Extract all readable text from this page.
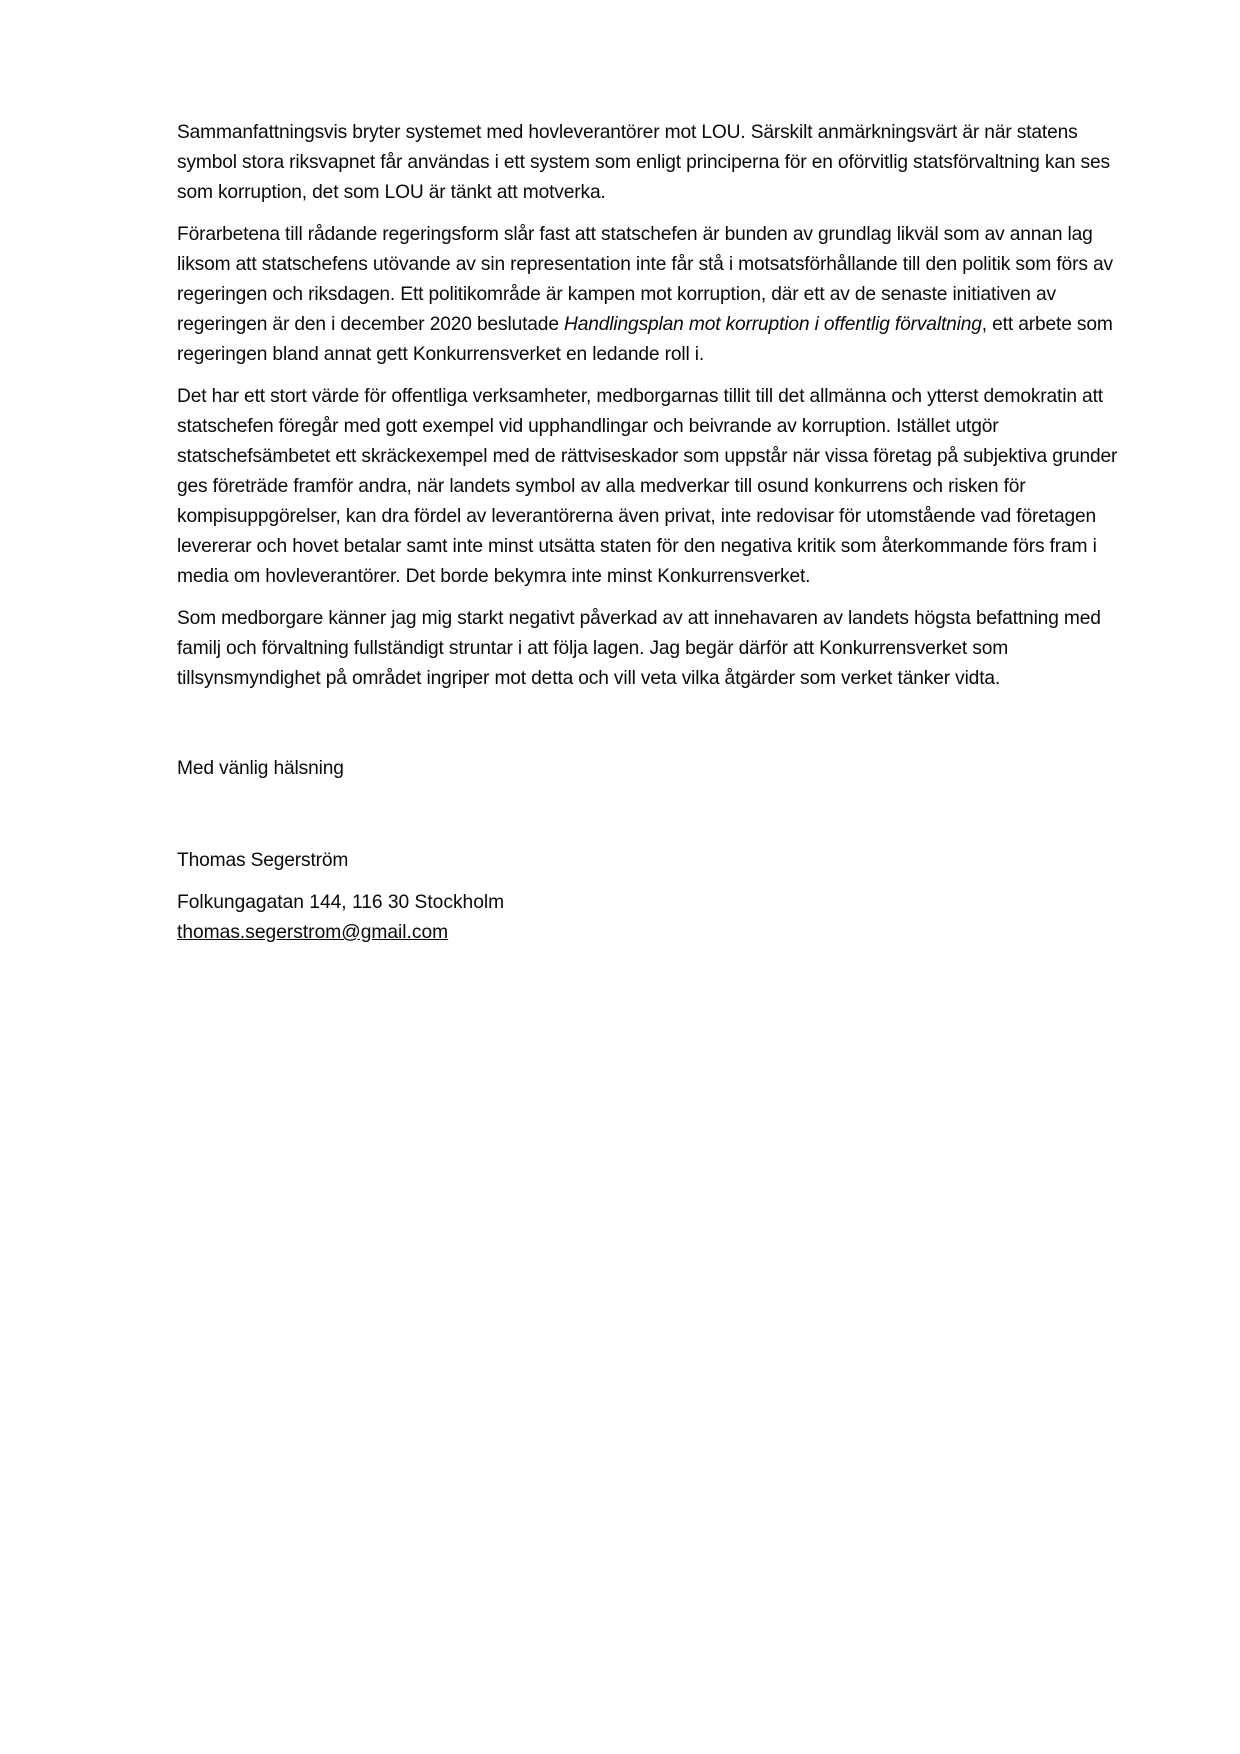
Sammanfattningsvis bryter systemet med hovleverantörer mot LOU. Särskilt anmärkningsvärt är när statens symbol stora riksvapnet får användas i ett system som enligt principerna för en oförvitlig statsförvaltning kan ses som korruption, det som LOU är tänkt att motverka.

Förarbetena till rådande regeringsform slår fast att statschefen är bunden av grundlag likväl som av annan lag liksom att statschefens utövande av sin representation inte får stå i motsatsförhållande till den politik som förs av regeringen och riksdagen. Ett politikområde är kampen mot korruption, där ett av de senaste initiativen av regeringen är den i december 2020 beslutade Handlingsplan mot korruption i offentlig förvaltning, ett arbete som regeringen bland annat gett Konkurrensverket en ledande roll i.

Det har ett stort värde för offentliga verksamheter, medborgarnas tillit till det allmänna och ytterst demokratin att statschefen föregår med gott exempel vid upphandlingar och beivrande av korruption. Istället utgör statschefsämbetet ett skräckexempel med de rättviseskador som uppstår när vissa företag på subjektiva grunder ges företräde framför andra, när landets symbol av alla medverkar till osund konkurrens och risken för kompisuppgörelser, kan dra fördel av leverantörerna även privat, inte redovisar för utomstående vad företagen levererar och hovet betalar samt inte minst utsätta staten för den negativa kritik som återkommande förs fram i media om hovleverantörer. Det borde bekymra inte minst Konkurrensverket.

Som medborgare känner jag mig starkt negativt påverkad av att innehavaren av landets högsta befattning med familj och förvaltning fullständigt struntar i att följa lagen. Jag begär därför att Konkurrensverket som tillsynsmyndighet på området ingriper mot detta och vill veta vilka åtgärder som verket tänker vidta.

Med vänlig hälsning

Thomas Segerström

Folkungagatan 144, 116 30 Stockholm

thomas.segerstrom@gmail.com
